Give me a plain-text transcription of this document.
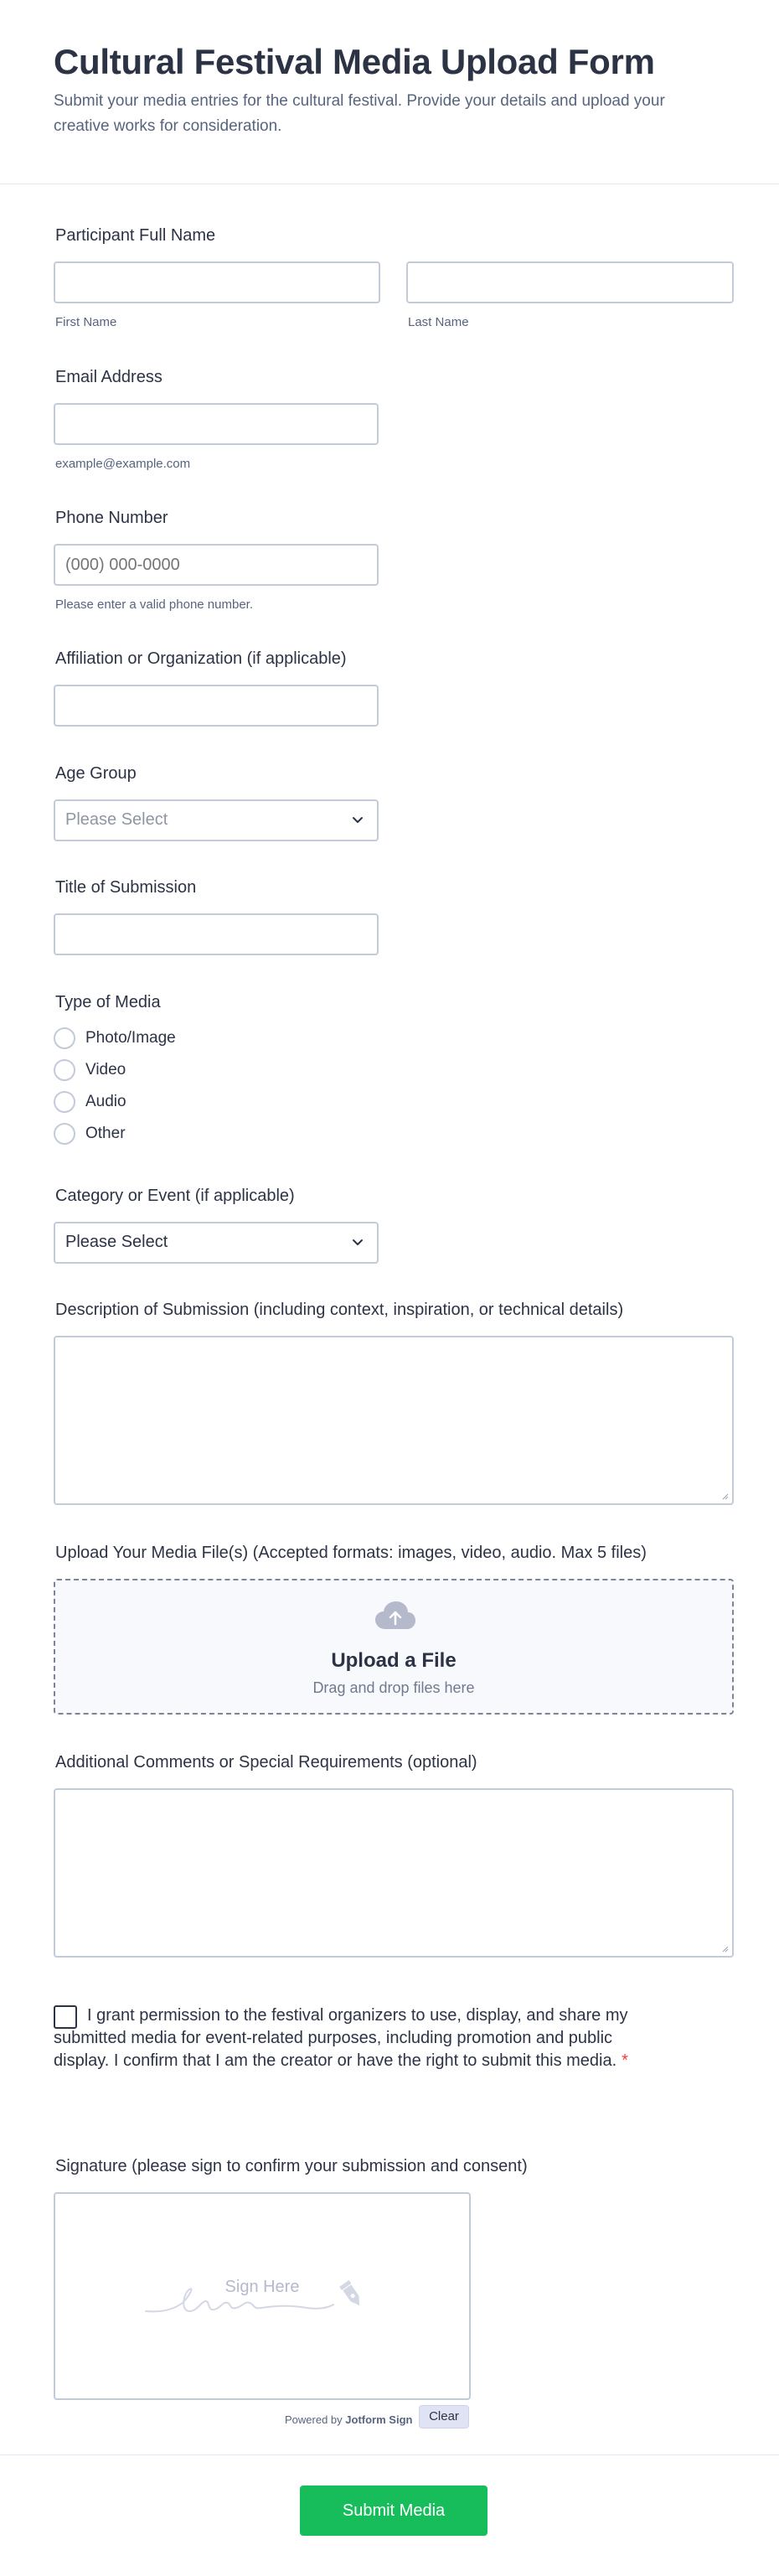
Cultural Festival Media Upload Form

Submit your media entries for the cultural festival. Provide your details and upload your creative works for consideration.

Participant Full Name
First Name	Last Name
Email Address
example@example.com
Phone Number
(000) 000-0000
Please enter a valid phone number.
Affiliation or Organization (if applicable)
Age Group
Please Select
Title of Submission
Type of Media
Photo/Image
Video
Audio
Other
Category or Event (if applicable)
Please Select
Description of Submission (including context, inspiration, or technical details)
Upload Your Media File(s) (Accepted formats: images, video, audio. Max 5 files)
Upload a File
Drag and drop files here
Additional Comments or Special Requirements (optional)
I grant permission to the festival organizers to use, display, and share my submitted media for event-related purposes, including promotion and public display. I confirm that I am the creator or have the right to submit this media. *
Signature (please sign to confirm your submission and consent)
Sign Here
Powered by Jotform Sign	Clear
Submit Media
